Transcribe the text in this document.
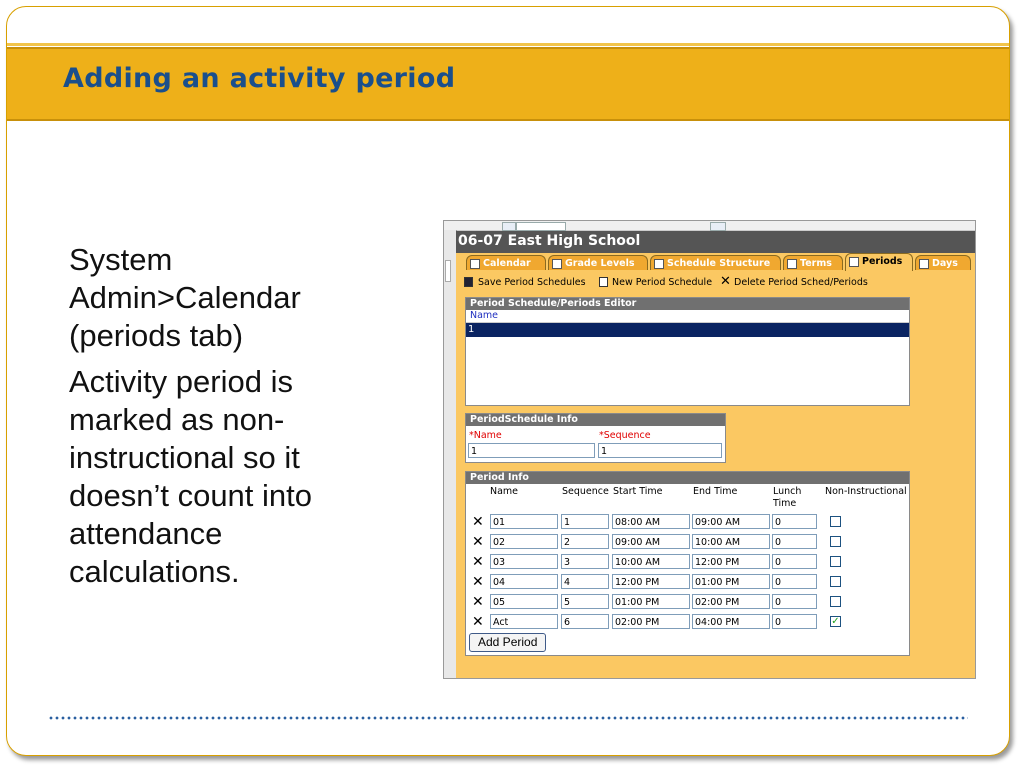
Adding an activity period

System Admin>Calendar (periods tab)

Activity period is marked as non-instructional so it doesn’t count into attendance calculations.

06-07 East High School
Calendar	Grade Levels	Schedule Structure	Terms	Periods	Days
Save Period Schedules	New Period Schedule ✕ Delete Period Sched/Periods
Period Schedule/Periods Editor
Name
1
PeriodSchedule Info
*Name	*Sequence
1	1
Period Info
Name	Sequence Start Time	End Time	Lunch
Time
Non-Instructional
✕ 01	1	08:00 AM	09:00 AM	0
✕ 02	2	09:00 AM	10:00 AM	0
✕ 03	3	10:00 AM	12:00 PM	0
✕ 04	4	12:00 PM	01:00 PM	0
✕ 05	5	01:00 PM	02:00 PM	0
✕ Act	6	02:00 PM	04:00 PM	0	✓
Add Period
